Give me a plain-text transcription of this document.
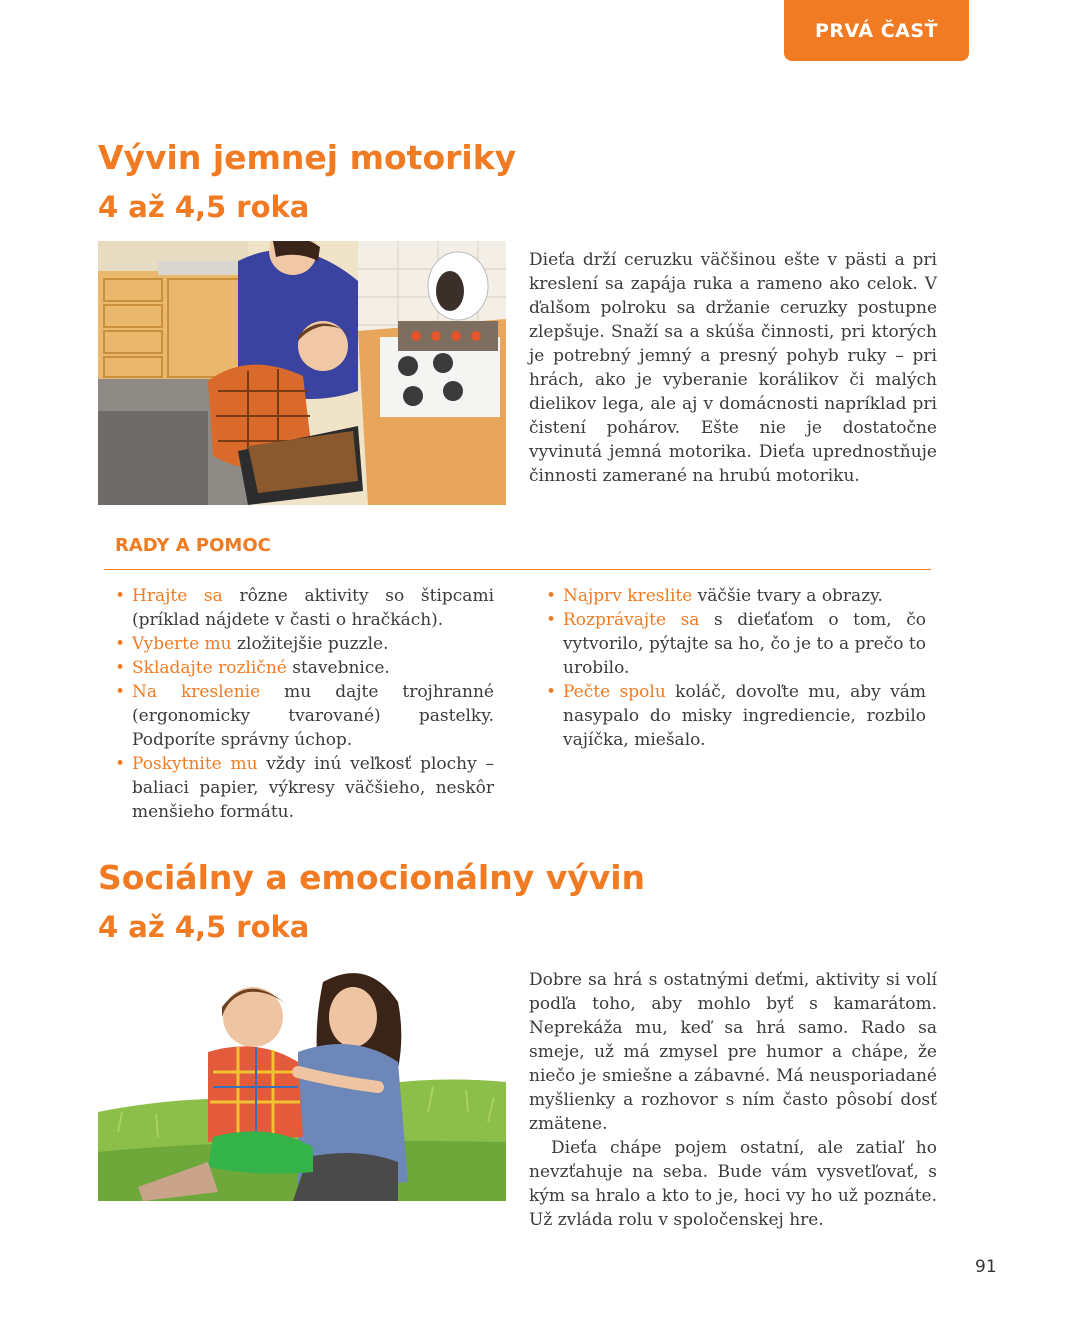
PRVÁ ČASŤ
Vývin jemnej motoriky
4 až 4,5 roka

Dieťa drží ceruzku väčšinou ešte v pästi a pri kreslení sa zapája ruka a rameno ako celok. V ďalšom polroku sa držanie ceruzky postupne zlepšuje. Snaží sa a skúša činnosti, pri ktorých je potrebný jemný a presný pohyb ruky – pri hrách, ako je vyberanie korálikov či malých dielikov lega, ale aj v domácnosti napríklad pri čistení pohárov. Ešte nie je dostatočne vyvinutá jemná motorika. Dieťa uprednostňuje činnosti zamerané na hrubú motoriku.

RADY A POMOC
• Hrajte sa rôzne aktivity so štipcami (príklad nájdete v časti o hračkách).
• Vyberte mu zložitejšie puzzle.
• Skladajte rozličné stavebnice.
• Na kreslenie mu dajte trojhranné (ergonomicky tvarované) pastelky. Podporíte správny úchop.
• Poskytnite mu vždy inú veľkosť plochy – baliaci papier, výkresy väčšieho, neskôr menšieho formátu.
• Najprv kreslite väčšie tvary a obrazy.
• Rozprávajte sa s dieťaťom o tom, čo vytvorilo, pýtajte sa ho, čo je to a prečo to urobilo.
• Pečte spolu koláč, dovoľte mu, aby vám nasypalo do misky ingrediencie, rozbilo vajíčka, miešalo.
Sociálny a emocionálny vývin
4 až 4,5 roka

Dobre sa hrá s ostatnými deťmi, aktivity si volí podľa toho, aby mohlo byť s kamarátom. Neprekáža mu, keď sa hrá samo. Rado sa smeje, už má zmysel pre humor a chápe, že niečo je smiešne a zábavné. Má neusporiadané myšlienky a rozhovor s ním často pôsobí dosť zmätene.

Dieťa chápe pojem ostatní, ale zatiaľ ho nevzťahuje na seba. Bude vám vysvetľovať, s kým sa hralo a kto to je, hoci vy ho už poznáte. Už zvláda rolu v spoločenskej hre.

91
